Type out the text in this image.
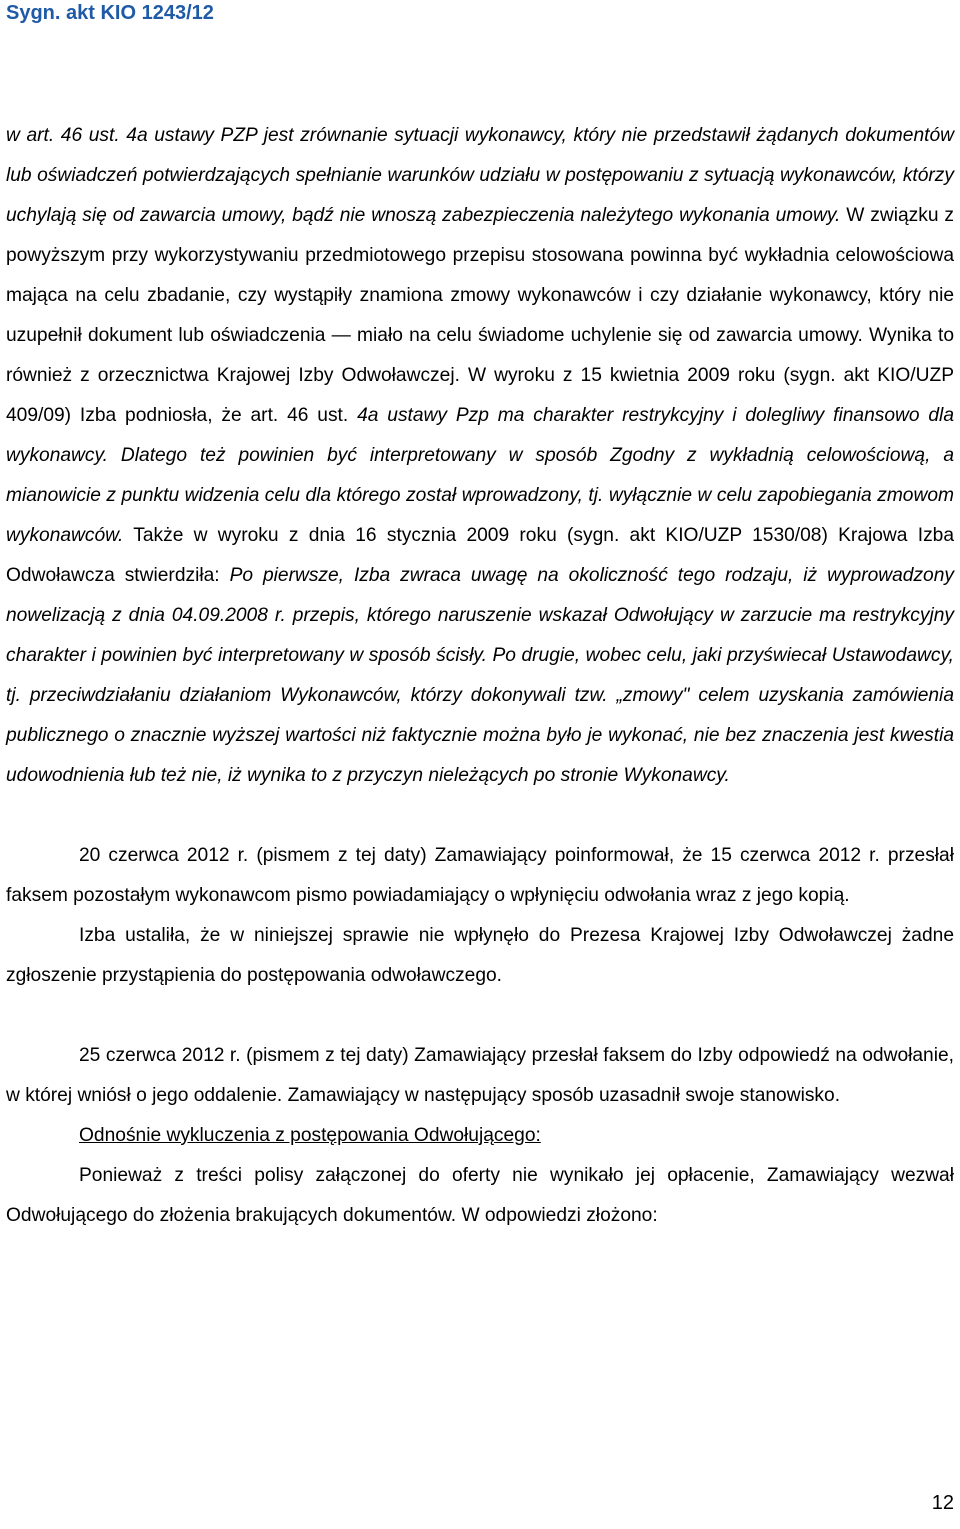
Sygn. akt KIO 1243/12

w art. 46 ust. 4a ustawy PZP jest zrównanie sytuacji wykonawcy, który nie przedstawił żądanych dokumentów lub oświadczeń potwierdzających spełnianie warunków udziału w postępowaniu z sytuacją wykonawców, którzy uchylają się od zawarcia umowy, bądź nie wnoszą zabezpieczenia należytego wykonania umowy. W związku z powyższym przy wykorzystywaniu przedmiotowego przepisu stosowana powinna być wykładnia celowościowa mająca na celu zbadanie, czy wystąpiły znamiona zmowy wykonawców i czy działanie wykonawcy, który nie uzupełnił dokument lub oświadczenia ― miało na celu świadome uchylenie się od zawarcia umowy. Wynika to również z orzecznictwa Krajowej Izby Odwoławczej. W wyroku z 15 kwietnia 2009 roku (sygn. akt KIO/UZP 409/09) Izba podniosła, że art. 46 ust. 4a ustawy Pzp ma charakter restrykcyjny i dolegliwy finansowo dla wykonawcy. Dlatego też powinien być interpretowany w sposób Zgodny z wykładnią celowościową, a mianowicie z punktu widzenia celu dla którego został wprowadzony, tj. wyłącznie w celu zapobiegania zmowom wykonawców. Także w wyroku z dnia 16 stycznia 2009 roku (sygn. akt KIO/UZP 1530/08) Krajowa Izba Odwoławcza stwierdziła: Po pierwsze, Izba zwraca uwagę na okoliczność tego rodzaju, iż wyprowadzony nowelizacją z dnia 04.09.2008 r. przepis, którego naruszenie wskazał Odwołujący w zarzucie ma restrykcyjny charakter i powinien być interpretowany w sposób ścisły. Po drugie, wobec celu, jaki przyświecał Ustawodawcy, tj. przeciwdziałaniu działaniom Wykonawców, którzy dokonywali tzw. „zmowy" celem uzyskania zamówienia publicznego o znacznie wyższej wartości niż faktycznie można było je wykonać, nie bez znaczenia jest kwestia udowodnienia łub też nie, iż wynika to z przyczyn nieleżących po stronie Wykonawcy.

20 czerwca 2012 r. (pismem z tej daty) Zamawiający poinformował, że 15 czerwca 2012 r. przesłał faksem pozostałym wykonawcom pismo powiadamiający o wpłynięciu odwołania wraz z jego kopią.

Izba ustaliła, że w niniejszej sprawie nie wpłynęło do Prezesa Krajowej Izby Odwoławczej żadne zgłoszenie przystąpienia do postępowania odwoławczego.

25 czerwca 2012 r. (pismem z tej daty) Zamawiający przesłał faksem do Izby odpowiedź na odwołanie, w której wniósł o jego oddalenie. Zamawiający w następujący sposób uzasadnił swoje stanowisko.

Odnośnie wykluczenia z postępowania Odwołującego:

Ponieważ z treści polisy załączonej do oferty nie wynikało jej opłacenie, Zamawiający wezwał Odwołującego do złożenia brakujących dokumentów. W odpowiedzi złożono:

12
